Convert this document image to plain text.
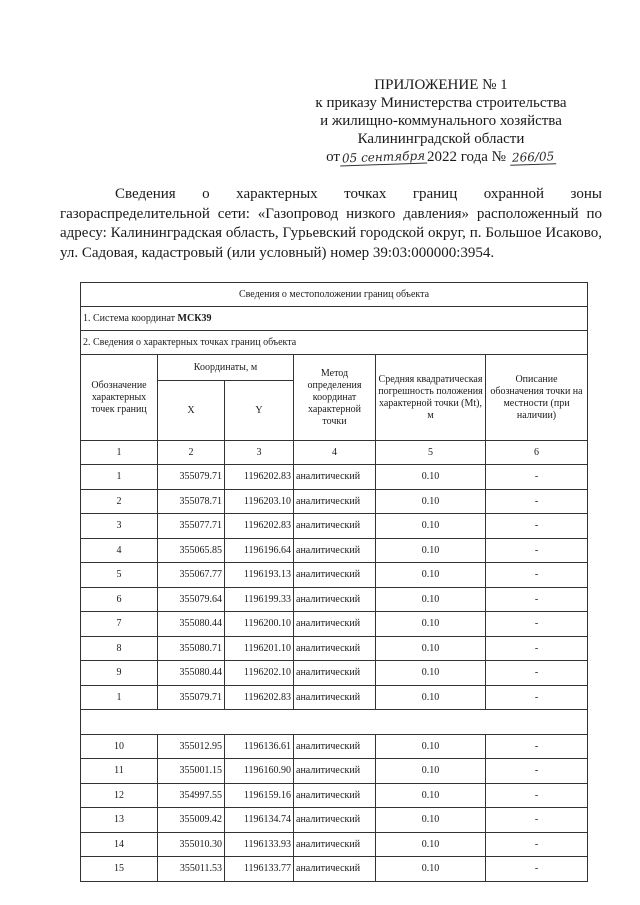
ПРИЛОЖЕНИЕ № 1
к приказу Министерства строительства
и жилищно-коммунального хозяйства
Калининградской области
от 05 сентября 2022 года № 266/05
Сведения о характерных точках границ охранной зоны газораспределительной сети: «Газопровод низкого давления» расположенный по адресу: Калининградская область, Гурьевский городской округ, п. Большое Исаково, ул. Садовая, кадастровый (или условный) номер 39:03:000000:3954.
Сведения о местоположении границ объекта					
1. Система координат МСК39					
2. Сведения о характерных точках границ объекта					
Обозначение характерных точек границ	Координаты, м		Метод определения координат характерной точки	Средняя квадратическая погрешность положения характерной точки (Mt), м	Описание обозначения точки на местности (при наличии)
	X	Y			
1	2	3	4	5	6
1	355079.71	1196202.83	аналитический	0.10	-
2	355078.71	1196203.10	аналитический	0.10	-
3	355077.71	1196202.83	аналитический	0.10	-
4	355065.85	1196196.64	аналитический	0.10	-
5	355067.77	1196193.13	аналитический	0.10	-
6	355079.64	1196199.33	аналитический	0.10	-
7	355080.44	1196200.10	аналитический	0.10	-
8	355080.71	1196201.10	аналитический	0.10	-
9	355080.44	1196202.10	аналитический	0.10	-
1	355079.71	1196202.83	аналитический	0.10	-

10	355012.95	1196136.61	аналитический	0.10	-
11	355001.15	1196160.90	аналитический	0.10	-
12	354997.55	1196159.16	аналитический	0.10	-
13	355009.42	1196134.74	аналитический	0.10	-
14	355010.30	1196133.93	аналитический	0.10	-
15	355011.53	1196133.77	аналитический	0.10	-
